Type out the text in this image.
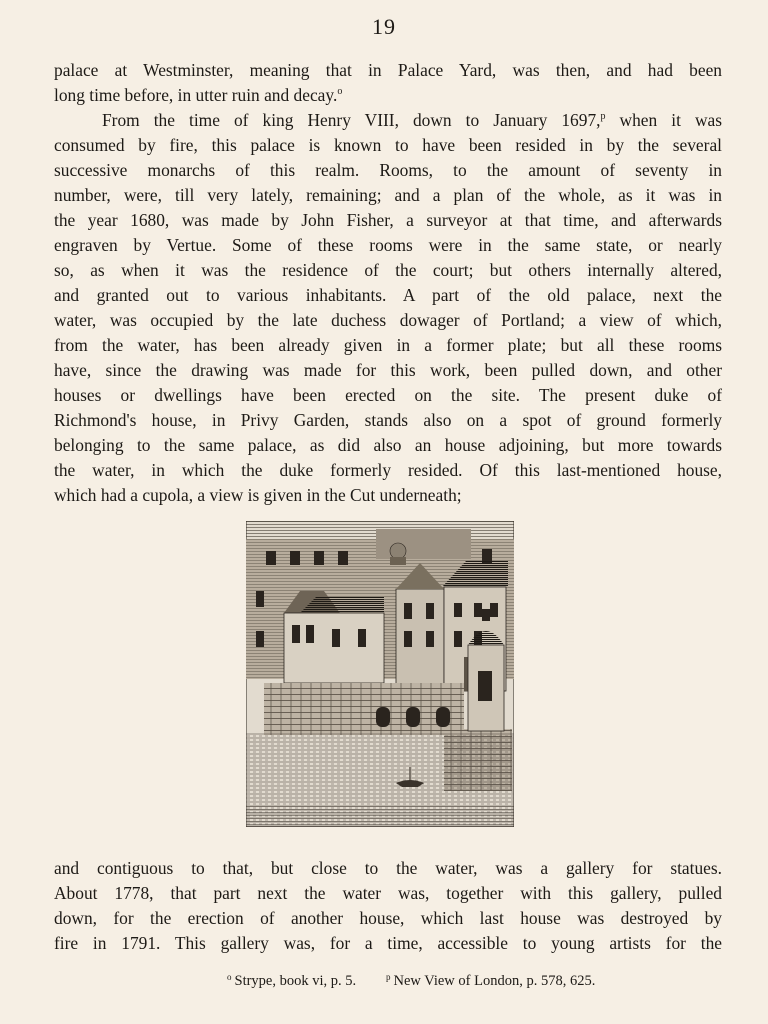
19
palace at Westminster, meaning that in Palace Yard, was then, and had been
long time before, in utter ruin and decay.$^o$
From the time of king Henry VIII, down to January 1697,$^p$ when it was
consumed by fire, this palace is known to have been resided in by the several
successive monarchs of this realm. Rooms, to the amount of seventy in
number, were, till very lately, remaining; and a plan of the whole, as it was in
the year 1680, was made by John Fisher, a surveyor at that time, and afterwards
engraven by Vertue. Some of these rooms were in the same state, or nearly
so, as when it was the residence of the court; but others internally altered,
and granted out to various inhabitants. A part of the old palace, next the
water, was occupied by the late duchess dowager of Portland; a view of which,
from the water, has been already given in a former plate; but all these rooms
have, since the drawing was made for this work, been pulled down, and other
houses or dwellings have been erected on the site. The present duke of
Richmond's house, in Privy Garden, stands also on a spot of ground formerly
belonging to the same palace, as did also an house adjoining, but more towards
the water, in which the duke formerly resided. Of this last-mentioned house,
which had a cupola, a view is given in the Cut underneath;
and contiguous to that, but close to the water, was a gallery for statues.
About 1778, that part next the water was, together with this gallery, pulled
down, for the erection of another house, which last house was destroyed by
fire in 1791. This gallery was, for a time, accessible to young artists for the
$^o$ Strype, book vi, p. 5.	$^p$ New View of London, p. 578, 625.
